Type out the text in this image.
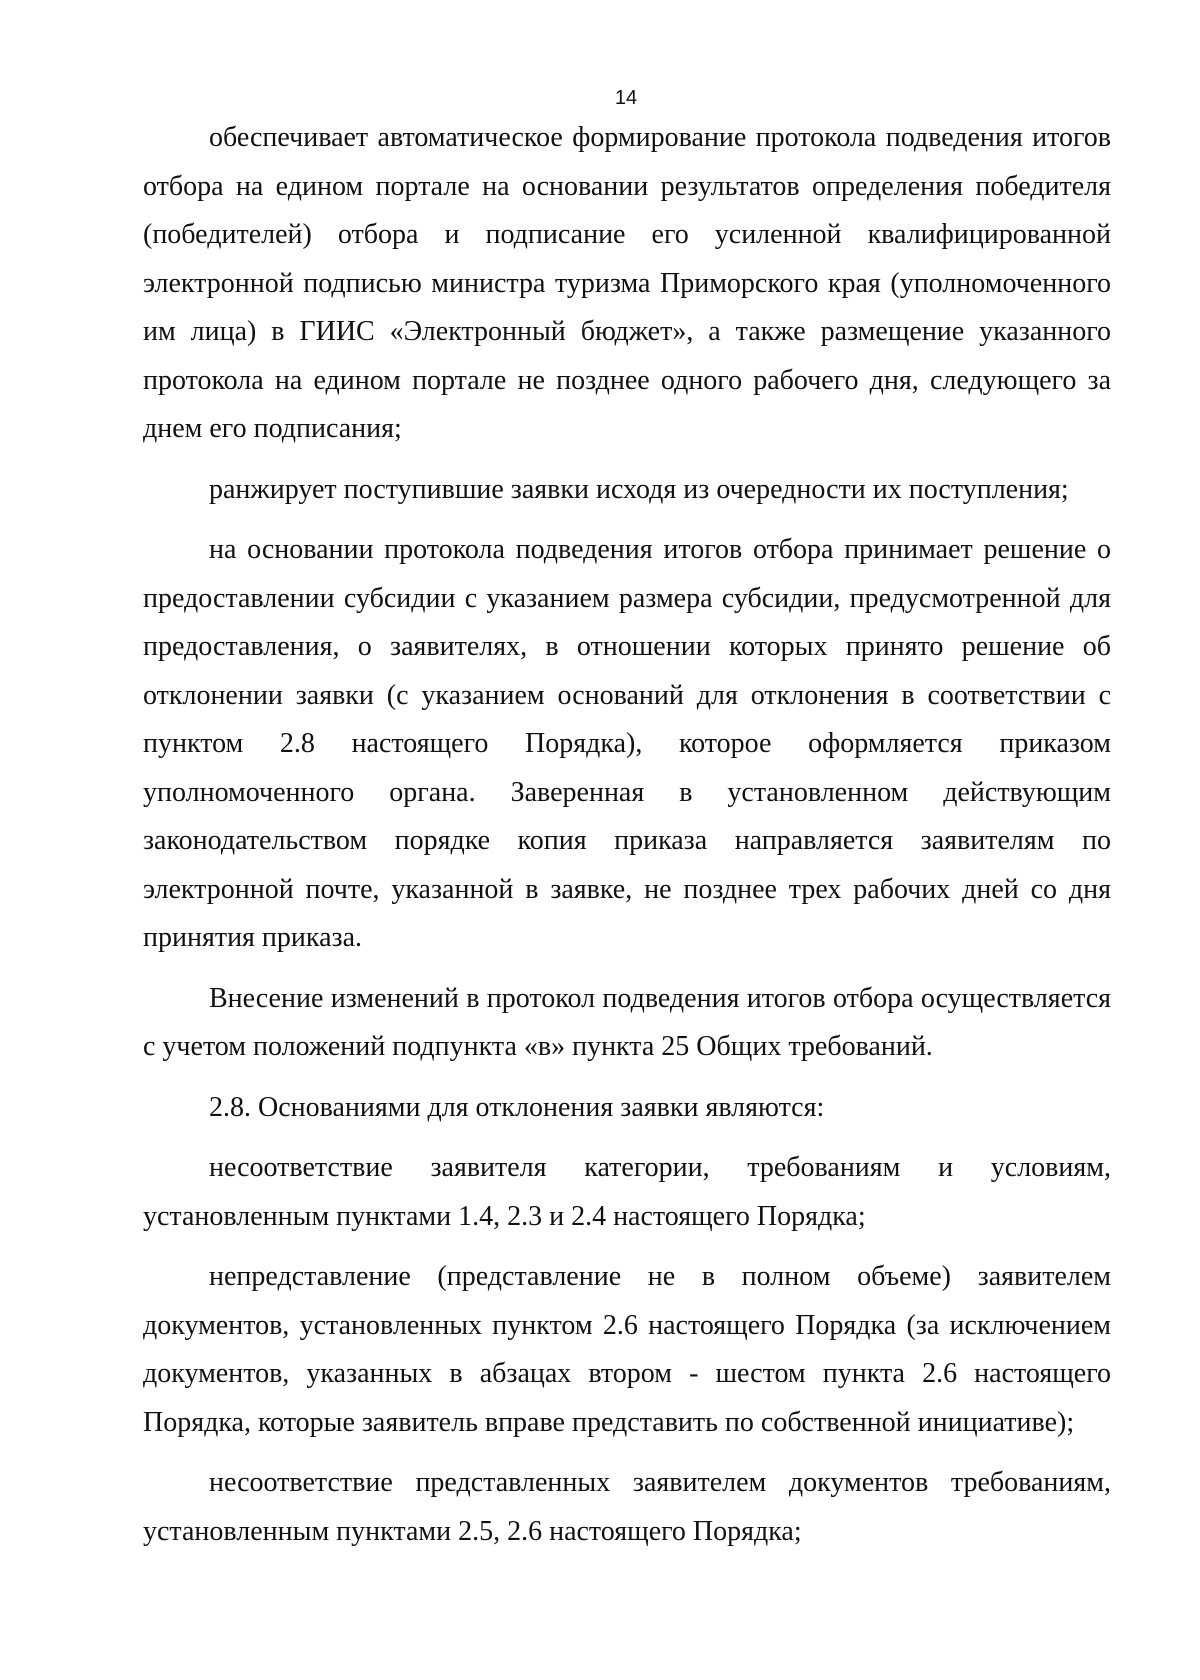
14

обеспечивает автоматическое формирование протокола подведения итогов отбора на едином портале на основании результатов определения победителя (победителей) отбора и подписание его усиленной квалифицированной электронной подписью министра туризма Приморского края (уполномоченного им лица) в ГИИС «Электронный бюджет», а также размещение указанного протокола на едином портале не позднее одного рабочего дня, следующего за днем его подписания;

ранжирует поступившие заявки исходя из очередности их поступления;

на основании протокола подведения итогов отбора принимает решение о предоставлении субсидии с указанием размера субсидии, предусмотренной для предоставления, о заявителях, в отношении которых принято решение об отклонении заявки (с указанием оснований для отклонения в соответствии с пунктом 2.8 настоящего Порядка), которое оформляется приказом уполномоченного органа. Заверенная в установленном действующим законодательством порядке копия приказа направляется заявителям по электронной почте, указанной в заявке, не позднее трех рабочих дней со дня принятия приказа.

Внесение изменений в протокол подведения итогов отбора осуществляется с учетом положений подпункта «в» пункта 25 Общих требований.

2.8. Основаниями для отклонения заявки являются:

несоответствие заявителя категории, требованиям и условиям, установленным пунктами 1.4, 2.3 и 2.4 настоящего Порядка;

непредставление (представление не в полном объеме) заявителем документов, установленных пунктом 2.6 настоящего Порядка (за исключением документов, указанных в абзацах втором - шестом пункта 2.6 настоящего Порядка, которые заявитель вправе представить по собственной инициативе);

несоответствие представленных заявителем документов требованиям, установленным пунктами 2.5, 2.6 настоящего Порядка;
